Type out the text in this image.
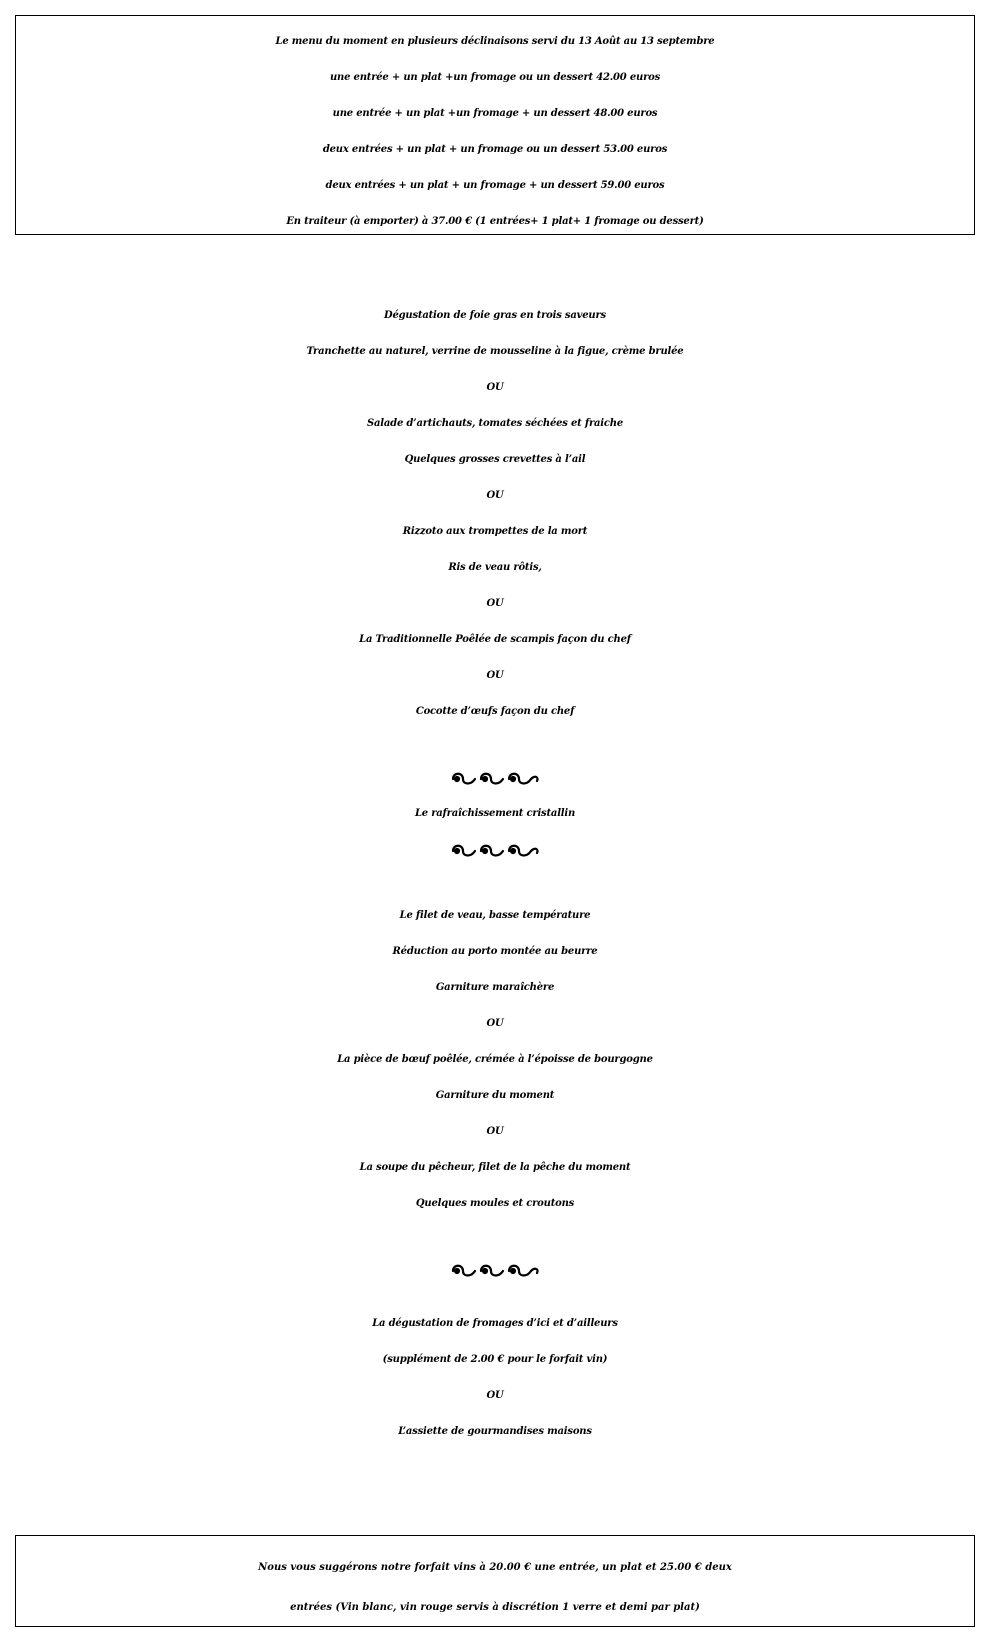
Le menu du moment en plusieurs déclinaisons servi du 13 Août au 13 septembre
une entrée + un plat +un fromage ou un dessert 42.00 euros
une entrée + un plat +un fromage + un dessert 48.00 euros
deux entrées + un plat + un fromage ou un dessert 53.00 euros
deux entrées + un plat + un fromage + un dessert 59.00 euros
En traiteur (à emporter) à 37.00 € (1 entrées+ 1 plat+ 1 fromage ou dessert)
Dégustation de foie gras en trois saveurs
Tranchette au naturel, verrine de mousseline à la figue, crème brulée
OU
Salade d’artichauts, tomates séchées et fraiche
Quelques grosses crevettes à l’ail
OU
Rizzoto aux trompettes de la mort
Ris de veau rôtis,
OU
La Traditionnelle Poêlée de scampis façon du chef
OU
Cocotte d’œufs façon du chef
Le rafraîchissement cristallin
Le filet de veau, basse température
Réduction au porto montée au beurre
Garniture maraîchère
OU
La pièce de bœuf poêlée, crémée à l’époisse de bourgogne
Garniture du moment
OU
La soupe du pêcheur, filet de la pêche du moment
Quelques moules et croutons
La dégustation de fromages d’ici et d’ailleurs
(supplément de 2.00 € pour le forfait vin)
OU
L’assiette de gourmandises maisons
Nous vous suggérons notre forfait vins à 20.00 € une entrée, un plat et 25.00 € deux
entrées (Vin blanc, vin rouge servis à discrétion 1 verre et demi par plat)
